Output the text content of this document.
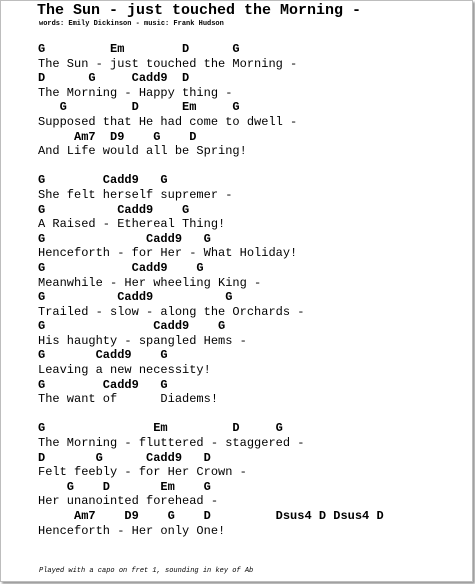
The Sun - just touched the Morning -
words: Emily Dickinson - music: Frank Hudson
G         Em        D      G
The Sun - just touched the Morning -
D      G     Cadd9  D
The Morning - Happy thing -
G         D      Em     G
Supposed that He had come to dwell -
Am7  D9    G    D
And Life would all be Spring!
G        Cadd9   G
She felt herself supremer -
G          Cadd9    G
A Raised - Ethereal Thing!
G              Cadd9   G
Henceforth - for Her - What Holiday!
G            Cadd9    G
Meanwhile - Her wheeling King -
G          Cadd9          G
Trailed - slow - along the Orchards -
G               Cadd9    G
His haughty - spangled Hems -
G       Cadd9    G
Leaving a new necessity!
G        Cadd9   G
The want of      Diadems!
G               Em         D     G
The Morning - fluttered - staggered -
D       G      Cadd9   D
Felt feebly - for Her Crown -
G    D       Em    G
Her unanointed forehead -
Am7    D9    G    D         Dsus4 D Dsus4 D
Henceforth - Her only One!
Played with a capo on fret 1, sounding in key of Ab
